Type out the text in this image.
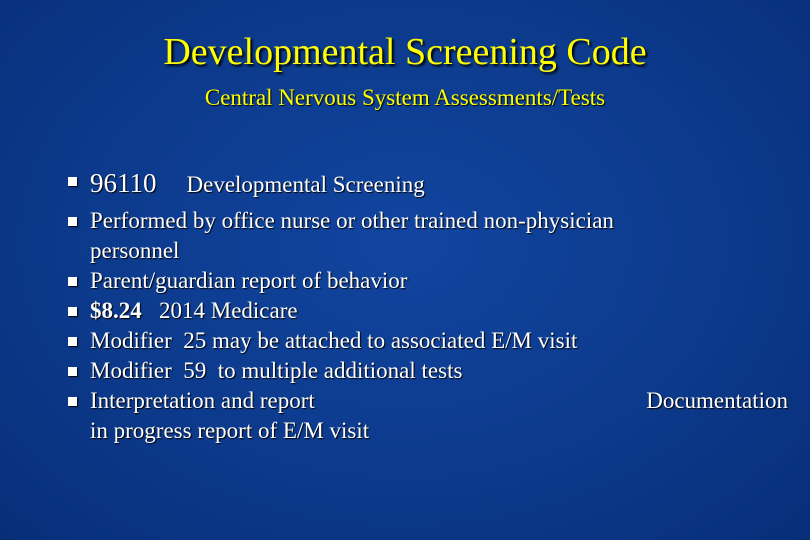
Developmental Screening Code
Central Nervous System Assessments/Tests
96110 Developmental Screening
Performed by office nurse or other trained non-physician
personnel
Parent/guardian report of behavior
$8.24 2014 Medicare
Modifier  25 may be attached to associated E/M visit
Modifier  59  to multiple additional tests
Interpretation and report	Documentation

in progress report of E/M visit
